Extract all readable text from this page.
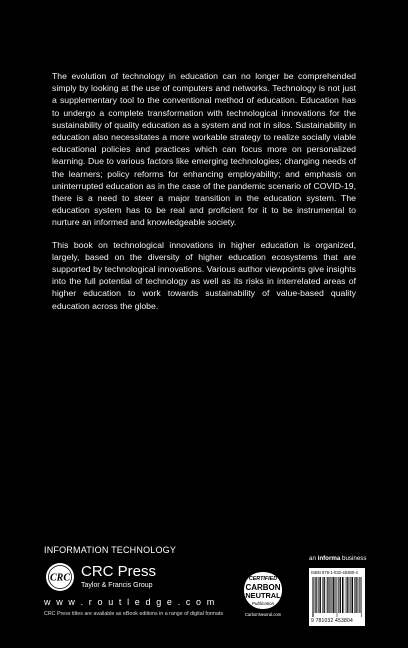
The evolution of technology in education can no longer be comprehended simply by looking at the use of computers and networks. Technology is not just a supplementary tool to the conventional method of education. Education has to undergo a complete transformation with technological innovations for the sustainability of quality education as a system and not in silos. Sustainability in education also necessitates a more workable strategy to realize socially viable educational policies and practices which can focus more on personalized learning. Due to various factors like emerging technologies; changing needs of the learners; policy reforms for enhancing employability; and emphasis on uninterrupted education as in the case of the pandemic scenario of COVID-19, there is a need to steer a major transition in the education system. The education system has to be real and proficient for it to be instrumental to nurture an informed and knowledgeable society.

This book on technological innovations in higher education is organized, largely, based on the diversity of higher education ecosystems that are supported by technological innovations. Various author viewpoints give insights into the full potential of technology as well as its risks in interrelated areas of higher education to work towards sustainability of value-based quality education across the globe.

INFORMATION TECHNOLOGY
CRC CRC Press
Taylor & Francis Group
w w w . r o u t l e d g e . c o m
CRC Press titles are available as eBook editions in a range of digital formats
CERTIFIED
CARBON
NEUTRAL
Publication
CarbonNeutral.com
an informa business
ISBN 978-1-032-45380-4
9 781032 453804
